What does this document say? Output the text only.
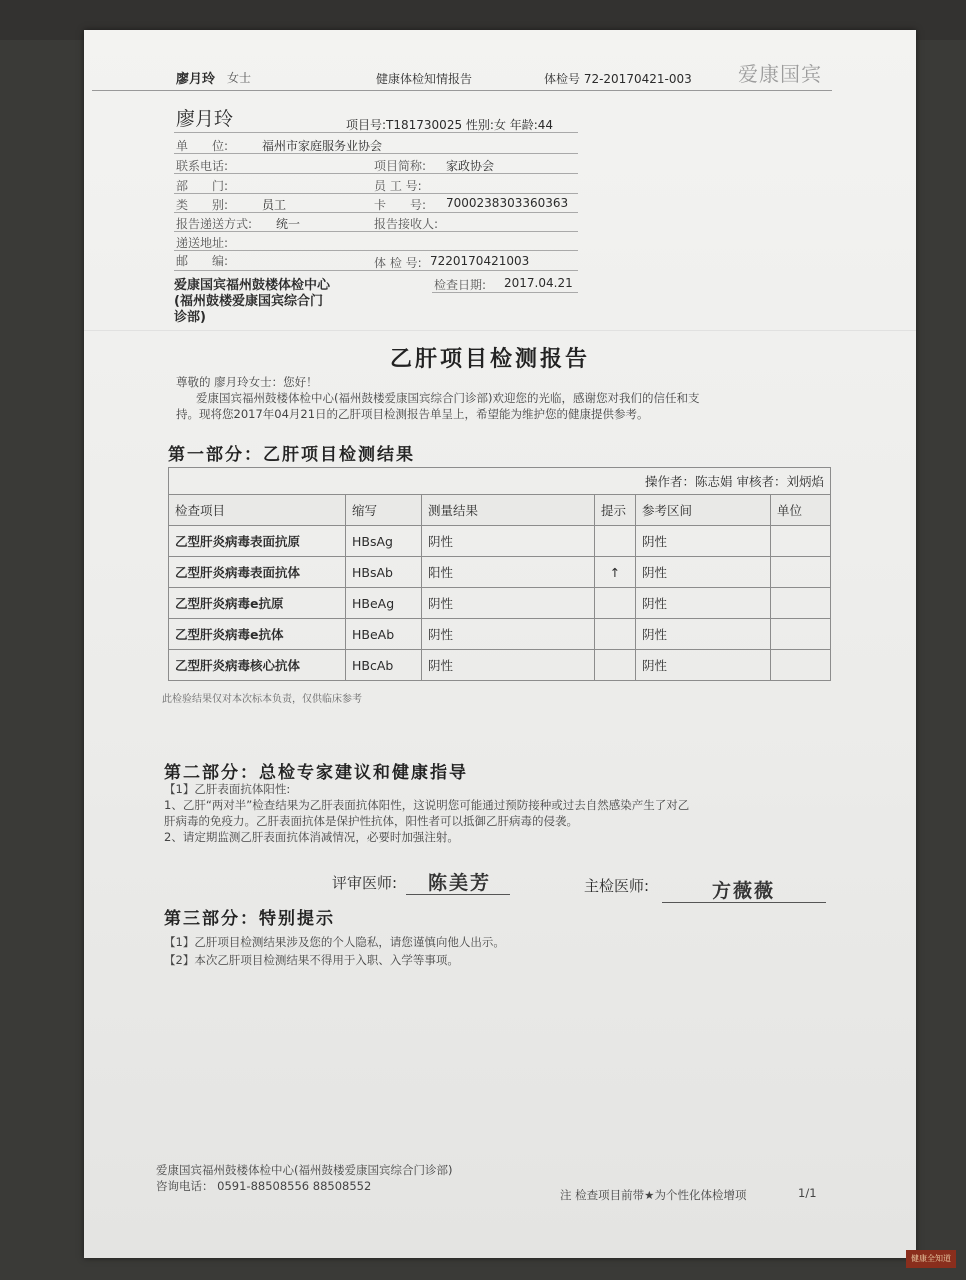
廖月玲 女士	健康体检知情报告	体检号 72-20170421-003 爱康国宾
廖月玲	项目号:T181730025 性别:女 年龄:44
单　　位:	福州市家庭服务业协会
联系电话:	项目简称: 家政协会
部　　门:	员 工 号:
类　　别:	员工	卡　　号: 7000238303360363
报告递送方式: 统一	报告接收人:
递送地址:
邮　　编:	体 检 号: 7220170421003
爱康国宾福州鼓楼体检中心
(福州鼓楼爱康国宾综合门
诊部)
检查日期: 2017.04.21
乙肝项目检测报告
尊敬的 廖月玲女士：您好！
爱康国宾福州鼓楼体检中心(福州鼓楼爱康国宾综合门诊部)欢迎您的光临，感谢您对我们的信任和支
持。现将您2017年04月21日的乙肝项目检测报告单呈上，希望能为维护您的健康提供参考。
第一部分：乙肝项目检测结果
操作者：陈志娟 审核者：刘炳焰					
检查项目	缩写	测量结果	提示	参考区间	单位
乙型肝炎病毒表面抗原	HBsAg	阴性		阴性	
乙型肝炎病毒表面抗体	HBsAb	阳性	↑	阴性	
乙型肝炎病毒e抗原	HBeAg	阴性		阴性	
乙型肝炎病毒e抗体	HBeAb	阴性		阴性	
乙型肝炎病毒核心抗体	HBcAb	阴性		阴性	
此检验结果仅对本次标本负责，仅供临床参考
第二部分：总检专家建议和健康指导
【1】乙肝表面抗体阳性:
1、乙肝“两对半”检查结果为乙肝表面抗体阳性，这说明您可能通过预防接种或过去自然感染产生了对乙
肝病毒的免疫力。乙肝表面抗体是保护性抗体，阳性者可以抵御乙肝病毒的侵袭。
2、请定期监测乙肝表面抗体消减情况，必要时加强注射。
评审医师: 陈美芳	主检医师:	方薇薇
第三部分：特别提示
【1】乙肝项目检测结果涉及您的个人隐私，请您谨慎向他人出示。
【2】本次乙肝项目检测结果不得用于入职、入学等事项。
爱康国宾福州鼓楼体检中心(福州鼓楼爱康国宾综合门诊部)
咨询电话： 0591-88508556 88508552
注 检查项目前带★为个性化体检增项	1/1
健康全知道
